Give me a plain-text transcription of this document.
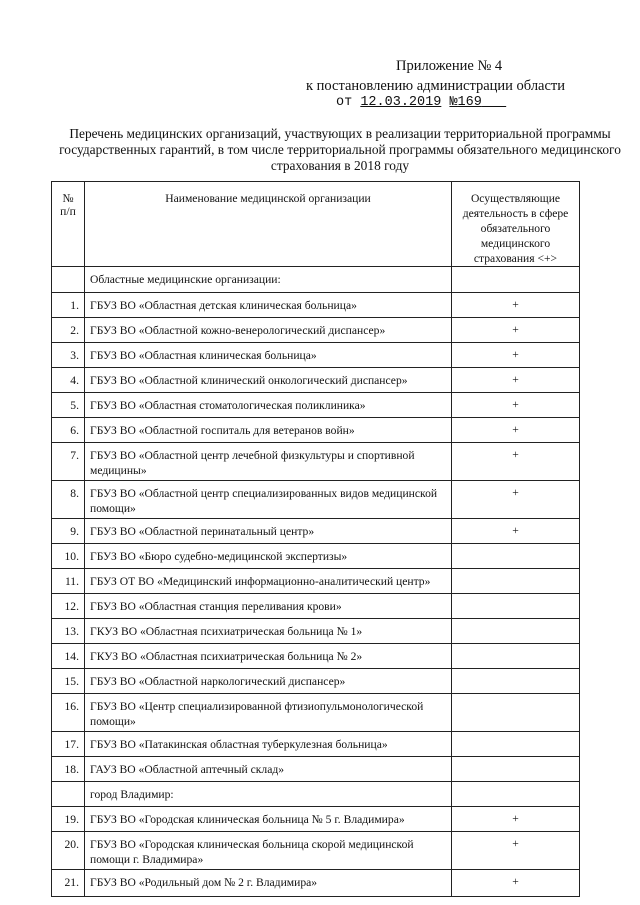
Приложение № 4
к постановлению администрации области
от 12.03.2019 №169
Перечень медицинских организаций, участвующих в реализации территориальной программы
государственных гарантий, в том числе территориальной программы обязательного медицинского
страхования в 2018 году
№
п/п	Наименование медицинской организации	Осуществляющие
деятельность в сфере
обязательного
медицинского
страхования <+>
	Областные медицинские организации:	
1.	ГБУЗ ВО «Областная детская клиническая больница»	+
2.	ГБУЗ ВО «Областной кожно-венерологический диспансер»	+
3.	ГБУЗ ВО «Областная клиническая больница»	+
4.	ГБУЗ ВО «Областной клинический онкологический диспансер»	+
5.	ГБУЗ ВО «Областная стоматологическая поликлиника»	+
6.	ГБУЗ ВО «Областной госпиталь для ветеранов войн»	+
7.	ГБУЗ ВО «Областной центр лечебной физкультуры и спортивной медицины»	+
8.	ГБУЗ ВО «Областной центр специализированных видов медицинской помощи»	+
9.	ГБУЗ ВО «Областной перинатальный центр»	+
10.	ГБУЗ ВО «Бюро судебно-медицинской экспертизы»	
11.	ГБУЗ ОТ ВО «Медицинский информационно-аналитический центр»	
12.	ГБУЗ ВО «Областная станция переливания крови»	
13.	ГКУЗ ВО «Областная психиатрическая больница № 1»	
14.	ГКУЗ ВО «Областная психиатрическая больница № 2»	
15.	ГБУЗ ВО «Областной наркологический диспансер»	
16.	ГБУЗ ВО «Центр специализированной фтизиопульмонологической помощи»	
17.	ГБУЗ ВО «Патакинская областная туберкулезная больница»	
18.	ГАУЗ ВО «Областной аптечный склад»	
	город Владимир:	
19.	ГБУЗ ВО «Городская клиническая больница № 5 г. Владимира»	+
20.	ГБУЗ ВО «Городская клиническая больница скорой медицинской помощи г. Владимира»	+
21.	ГБУЗ ВО «Родильный дом № 2 г. Владимира»	+
